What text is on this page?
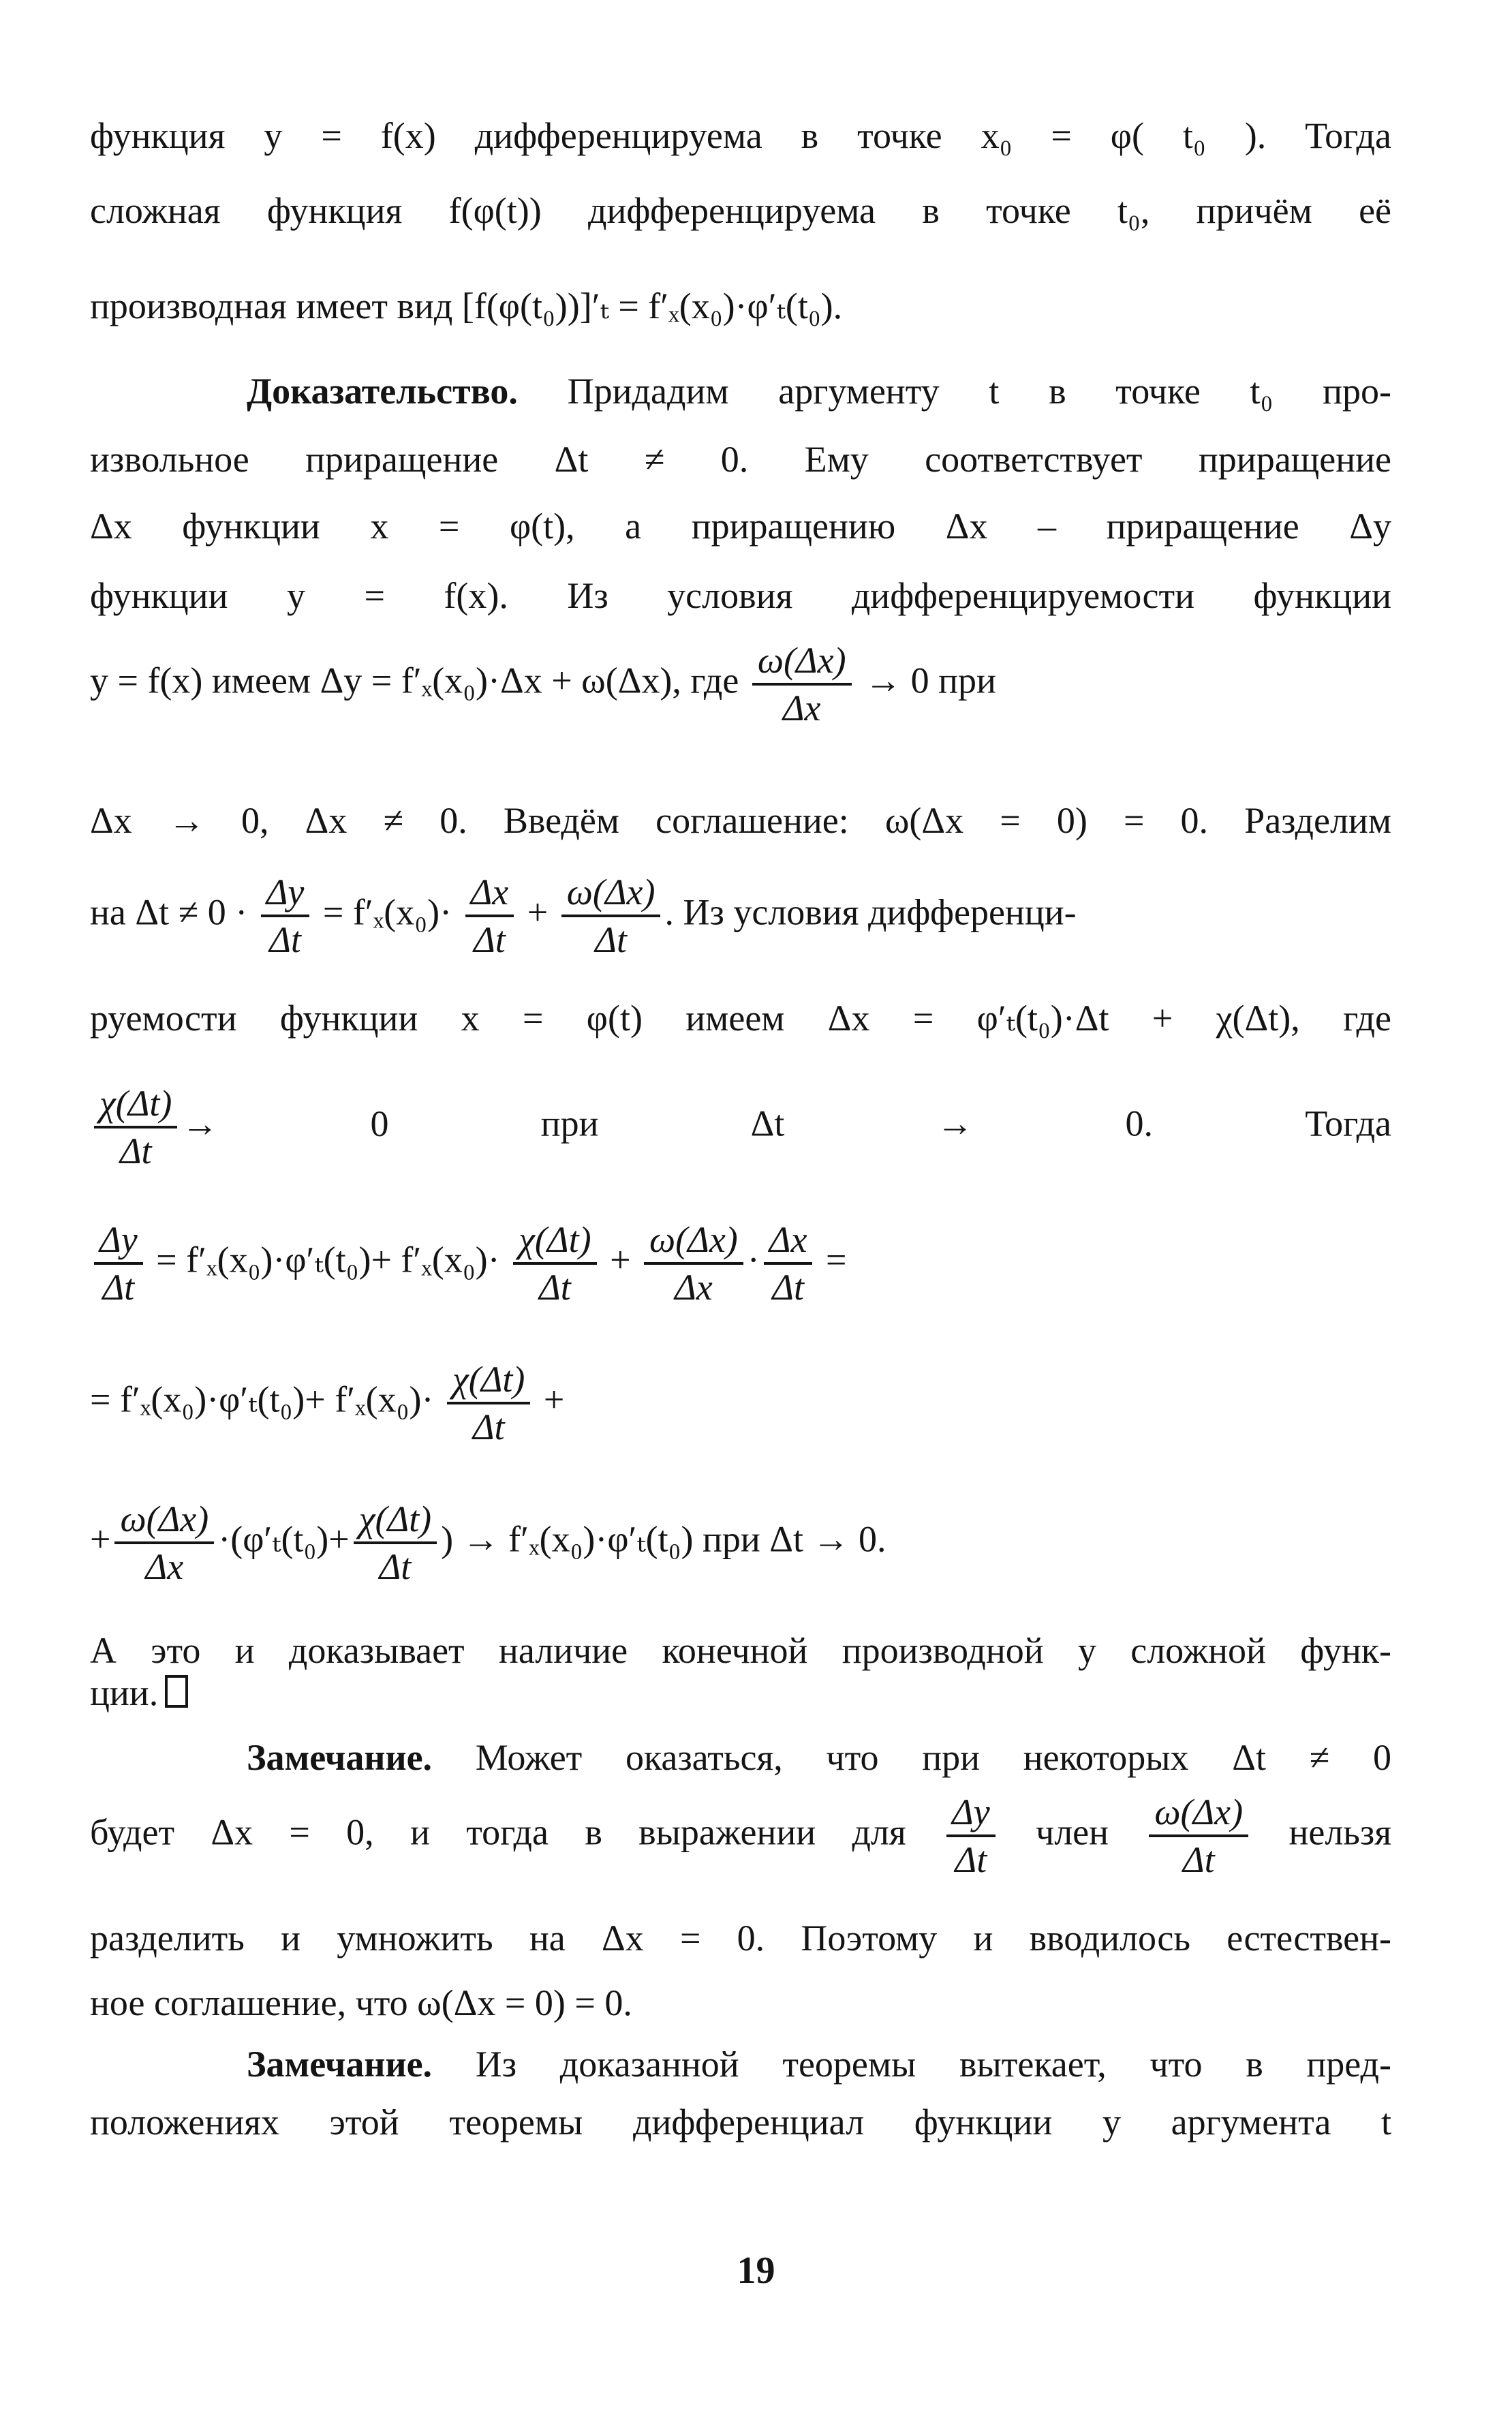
функция y = f(x) дифференцируема в точке x₀ = φ( t₀ ). Тогда
сложная функция f(φ(t)) дифференцируема в точке t₀, причём её
производная имеет вид [f(φ(t₀))]′ₜ = f′ₓ(x₀)·φ′ₜ(t₀).
Доказательство. Придадим аргументу t в точке t₀ про-
извольное приращение Δt ≠ 0. Ему соответствует приращение
Δx функции x = φ(t), а приращению Δx – приращение Δy
функции y = f(x). Из условия дифференцируемости функции
y = f(x) имеем Δy = f′ₓ(x₀)·Δx + ω(Δx), где $\frac{\omega(\Delta x)}{\Delta x} \to 0$ при
Δx → 0, Δx ≠ 0. Введём соглашение: ω(Δx = 0) = 0. Разделим
на $\Delta t \ne 0 \cdot \frac{\Delta y}{\Delta t} = f'_x(x_0)\cdot \frac{\Delta x}{\Delta t} + \frac{\omega(\Delta x)}{\Delta t}$ . Из условия дифференци-
руемости функции x = φ(t) имеем Δx = φ′ₜ(t₀)·Δt + χ(Δt), где
$\frac{\chi(\Delta t)}{\Delta t} \to 0$	при	Δt → 0.	Тогда
$\frac{\Delta y}{\Delta t} = f'_x(x_0)\cdot\varphi'_t(t_0)+ f'_x(x_0)\cdot \frac{\chi(\Delta t)}{\Delta t} + \frac{\omega(\Delta x)}{\Delta x} \cdot \frac{\Delta x}{\Delta t}$ =
= $f'_x(x_0)\cdot\varphi'_t(t_0)+ f'_x(x_0)\cdot \frac{\chi(\Delta t)}{\Delta t}$ +
+ $\frac{\omega(\Delta x)}{\Delta x} \cdot(\varphi'_t(t_0)+ \frac{\chi(\Delta t)}{\Delta t}$ ) → f′ₓ(x₀)·φ′ₜ(t₀) при Δt → 0.
А это и доказывает наличие конечной производной у сложной функ-
ции.
Замечание. Может оказаться, что при некоторых Δt ≠ 0
будет Δx = 0, и тогда в выражении для $\frac{\Delta y}{\Delta t}$ член $\frac{\omega(\Delta x)}{\Delta t}$ нельзя
разделить и умножить на Δx = 0. Поэтому и вводилось естествен-
ное соглашение, что ω(Δx = 0) = 0.
Замечание. Из доказанной теоремы вытекает, что в пред-
положениях этой теоремы дифференциал функции y аргумента t
19
